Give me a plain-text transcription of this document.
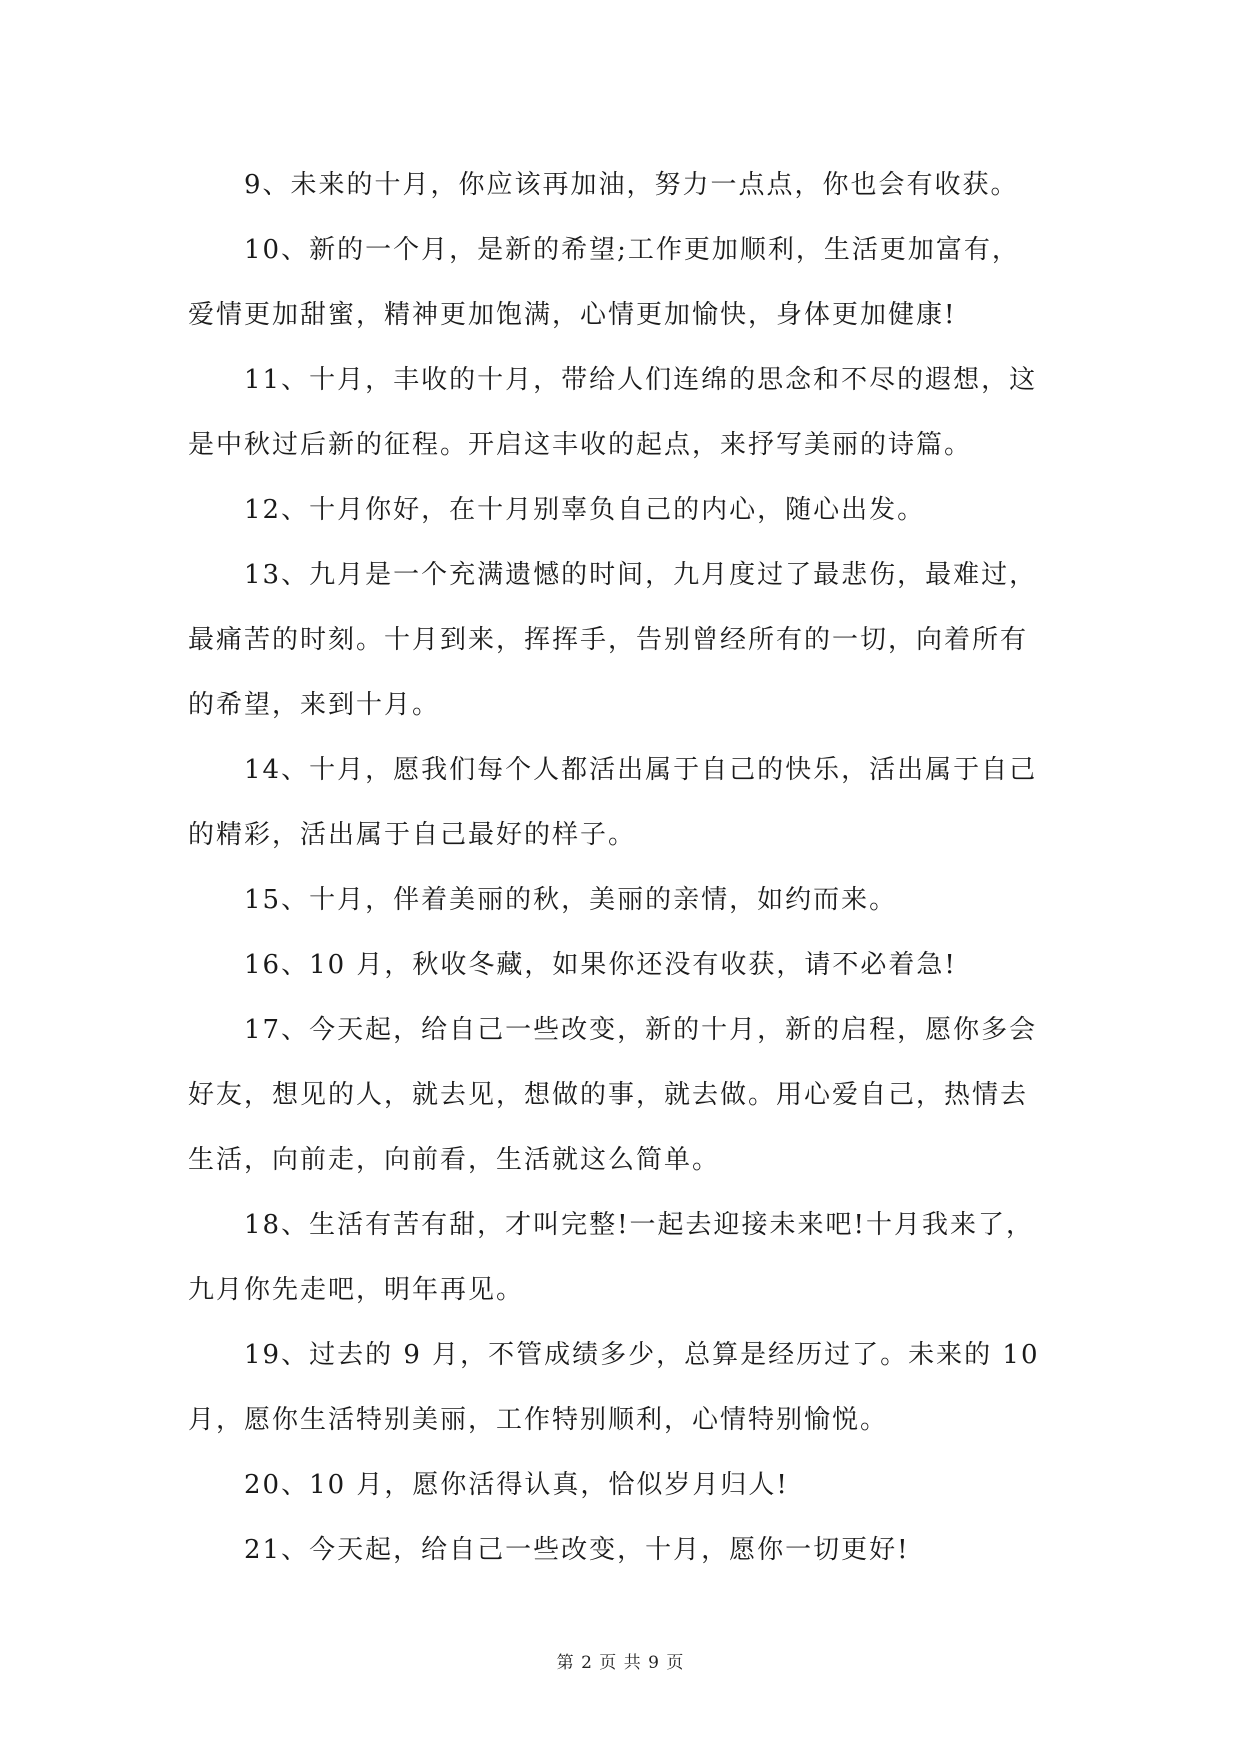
9、未来的十月，你应该再加油，努力一点点，你也会有收获。

10、新的一个月，是新的希望;工作更加顺利，生活更加富有，
爱情更加甜蜜，精神更加饱满，心情更加愉快，身体更加健康!

11、十月，丰收的十月，带给人们连绵的思念和不尽的遐想，这
是中秋过后新的征程。开启这丰收的起点，来抒写美丽的诗篇。

12、十月你好，在十月别辜负自己的内心，随心出发。

13、九月是一个充满遗憾的时间，九月度过了最悲伤，最难过，
最痛苦的时刻。十月到来，挥挥手，告别曾经所有的一切，向着所有
的希望，来到十月。

14、十月，愿我们每个人都活出属于自己的快乐，活出属于自己
的精彩，活出属于自己最好的样子。

15、十月，伴着美丽的秋，美丽的亲情，如约而来。

16、10 月，秋收冬藏，如果你还没有收获，请不必着急!

17、今天起，给自己一些改变，新的十月，新的启程，愿你多会
好友，想见的人，就去见，想做的事，就去做。用心爱自己，热情去
生活，向前走，向前看，生活就这么简单。

18、生活有苦有甜，才叫完整!一起去迎接未来吧!十月我来了，
九月你先走吧，明年再见。

19、过去的 9 月，不管成绩多少，总算是经历过了。未来的 10
月，愿你生活特别美丽，工作特别顺利，心情特别愉悦。

20、10 月，愿你活得认真，恰似岁月归人!

21、今天起，给自己一些改变，十月，愿你一切更好!

第 2 页 共 9 页
